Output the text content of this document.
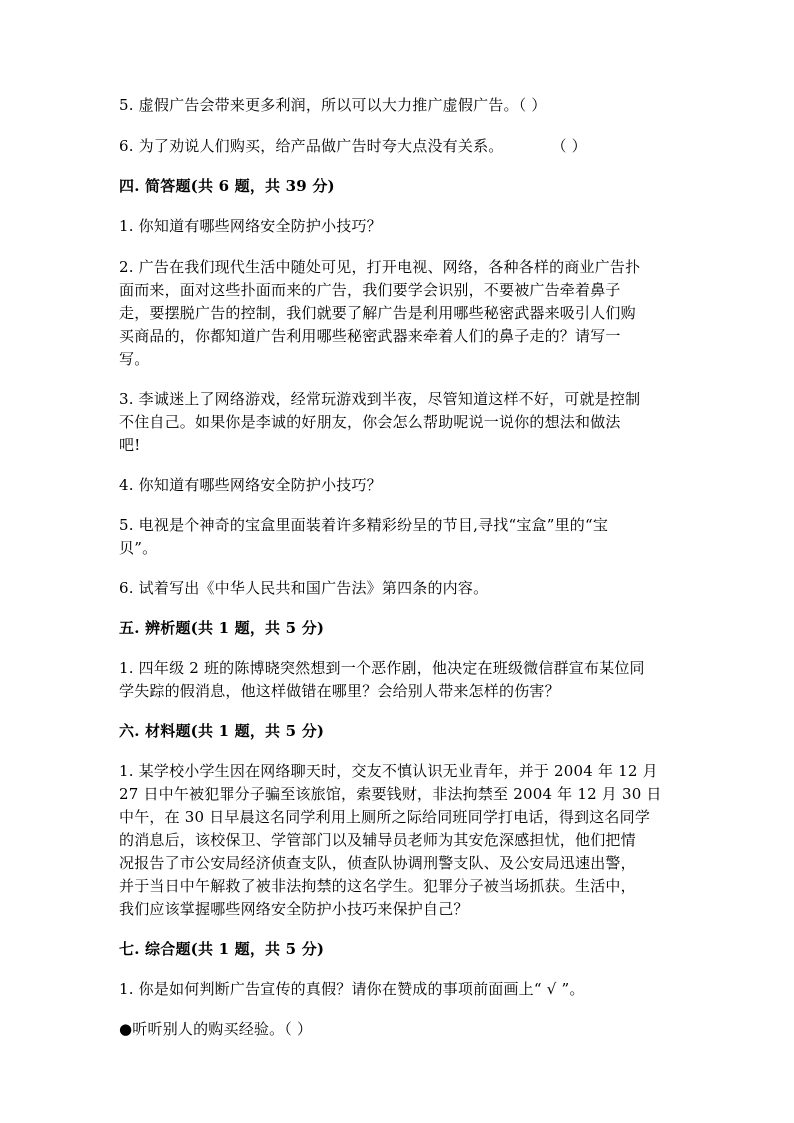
5. 虚假广告会带来更多利润，所以可以大力推广虚假广告。（ ）
6. 为了劝说人们购买，给产品做广告时夸大点没有关系。	（ ）
四. 简答题(共 6 题，共 39 分)
1. 你知道有哪些网络安全防护小技巧？
2. 广告在我们现代生活中随处可见，打开电视、网络，各种各样的商业广告扑
面而来，面对这些扑面而来的广告，我们要学会识别，不要被广告牵着鼻子
走，要摆脱广告的控制，我们就要了解广告是利用哪些秘密武器来吸引人们购
买商品的，你都知道广告利用哪些秘密武器来牵着人们的鼻子走的？请写一
写。
3. 李诚迷上了网络游戏，经常玩游戏到半夜，尽管知道这样不好，可就是控制
不住自己。如果你是李诚的好朋友，你会怎么帮助呢说一说你的想法和做法
吧!
4. 你知道有哪些网络安全防护小技巧？
5. 电视是个神奇的宝盒里面装着许多精彩纷呈的节目,寻找“宝盒”里的“宝
贝”。
6. 试着写出《中华人民共和国广告法》第四条的内容。
五. 辨析题(共 1 题，共 5 分)
1. 四年级 2 班的陈博晓突然想到一个恶作剧，他决定在班级微信群宣布某位同
学失踪的假消息，他这样做错在哪里？会给别人带来怎样的伤害？
六. 材料题(共 1 题，共 5 分)
1. 某学校小学生因在网络聊天时，交友不慎认识无业青年，并于 2004 年 12 月
27 日中午被犯罪分子骗至该旅馆，索要钱财，非法拘禁至 2004 年 12 月 30 日
中午，在 30 日早晨这名同学利用上厕所之际给同班同学打电话，得到这名同学
的消息后，该校保卫、学管部门以及辅导员老师为其安危深感担忧，他们把情
况报告了市公安局经济侦查支队，侦查队协调刑警支队、及公安局迅速出警，
并于当日中午解救了被非法拘禁的这名学生。犯罪分子被当场抓获。生活中，
我们应该掌握哪些网络安全防护小技巧来保护自己？
七. 综合题(共 1 题，共 5 分)
1. 你是如何判断广告宣传的真假？请你在赞成的事项前面画上“ √ ”。
●听听别人的购买经验。（ ）
